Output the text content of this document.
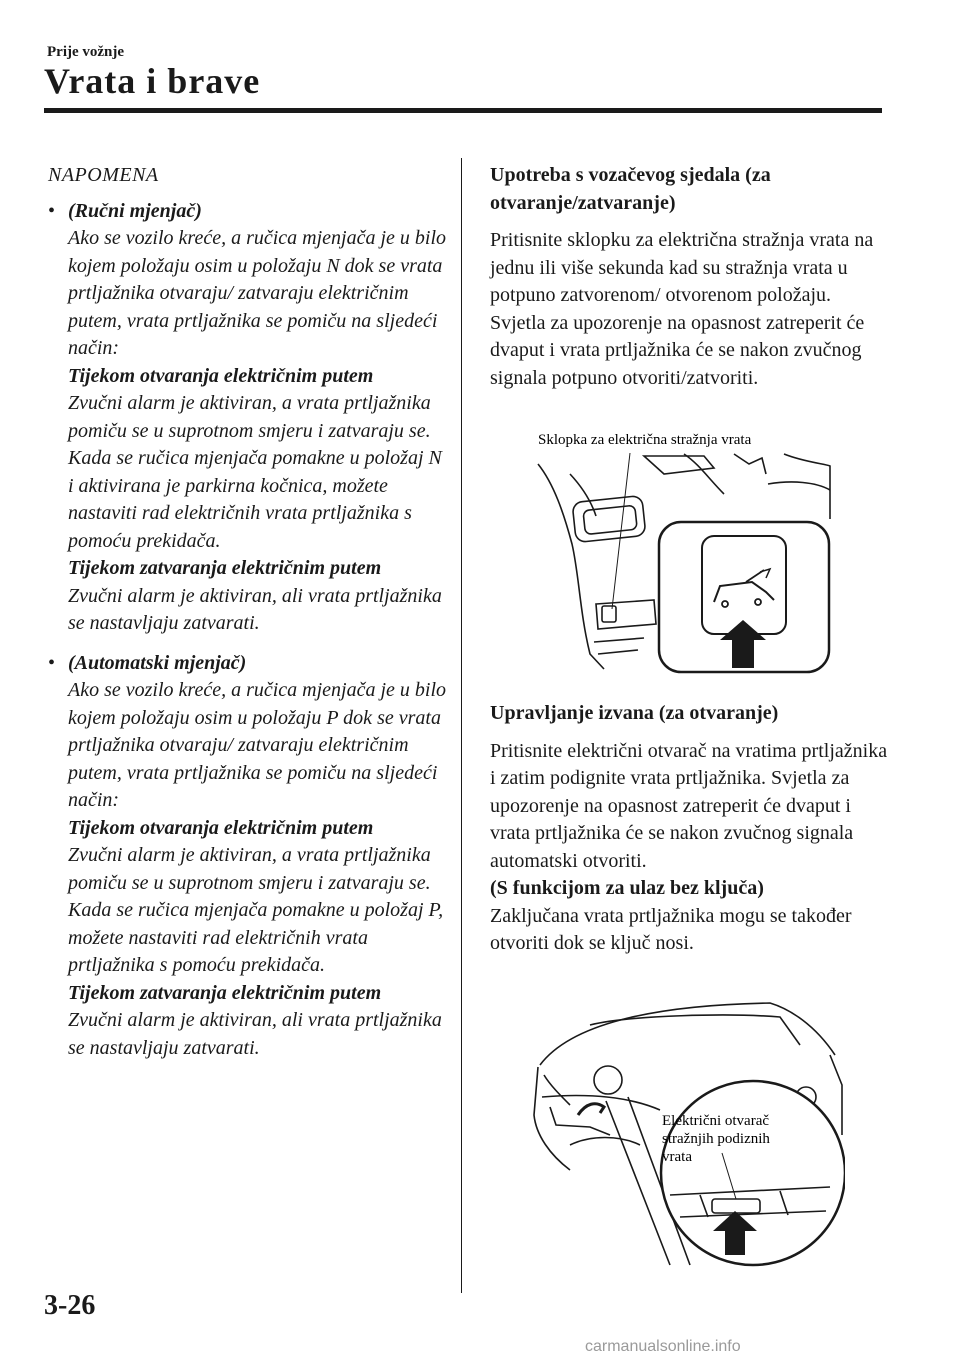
Prije vožnje
Vrata i brave
NAPOMENA
• (Ručni mjenjač)
Ako se vozilo kreće, a ručica mjenjača je u bilo kojem položaju osim u položaju N dok se vrata prtljažnika otvaraju/ zatvaraju električnim putem, vrata prtljažnika se pomiču na sljedeći način:
Tijekom otvaranja električnim putem
Zvučni alarm je aktiviran, a vrata prtljažnika pomiču se u suprotnom smjeru i zatvaraju se. Kada se ručica mjenjača pomakne u položaj N i aktivirana je parkirna kočnica, možete nastaviti rad električnih vrata prtljažnika s pomoću prekidača.
Tijekom zatvaranja električnim putem
Zvučni alarm je aktiviran, ali vrata prtljažnika se nastavljaju zatvarati.
• (Automatski mjenjač)
Ako se vozilo kreće, a ručica mjenjača je u bilo kojem položaju osim u položaju P dok se vrata prtljažnika otvaraju/ zatvaraju električnim putem, vrata prtljažnika se pomiču na sljedeći način:
Tijekom otvaranja električnim putem
Zvučni alarm je aktiviran, a vrata prtljažnika pomiču se u suprotnom smjeru i zatvaraju se. Kada se ručica mjenjača pomakne u položaj P, možete nastaviti rad električnih vrata prtljažnika s pomoću prekidača.
Tijekom zatvaranja električnim putem
Zvučni alarm je aktiviran, ali vrata prtljažnika se nastavljaju zatvarati.

Upotreba s vozačevog sjedala (za otvaranje/zatvaranje)

Pritisnite sklopku za električna stražnja vrata na jednu ili više sekunda kad su stražnja vrata u potpuno zatvorenom/ otvorenom položaju. Svjetla za upozorenje na opasnost zatreperit će dvaput i vrata prtljažnika će se nakon zvučnog signala potpuno otvoriti/zatvoriti.

Sklopka za električna stražnja vrata

Upravljanje izvana (za otvaranje)

Pritisnite električni otvarač na vratima prtljažnika i zatim podignite vrata prtljažnika. Svjetla za upozorenje na opasnost zatreperit će dvaput i vrata prtljažnika će se nakon zvučnog signala automatski otvoriti.

(S funkcijom za ulaz bez ključa)

Zaključana vrata prtljažnika mogu se također otvoriti dok se ključ nosi.

Električni otvarač
stražnjih podiznih
vrata
3-26
carmanualsonline.info
